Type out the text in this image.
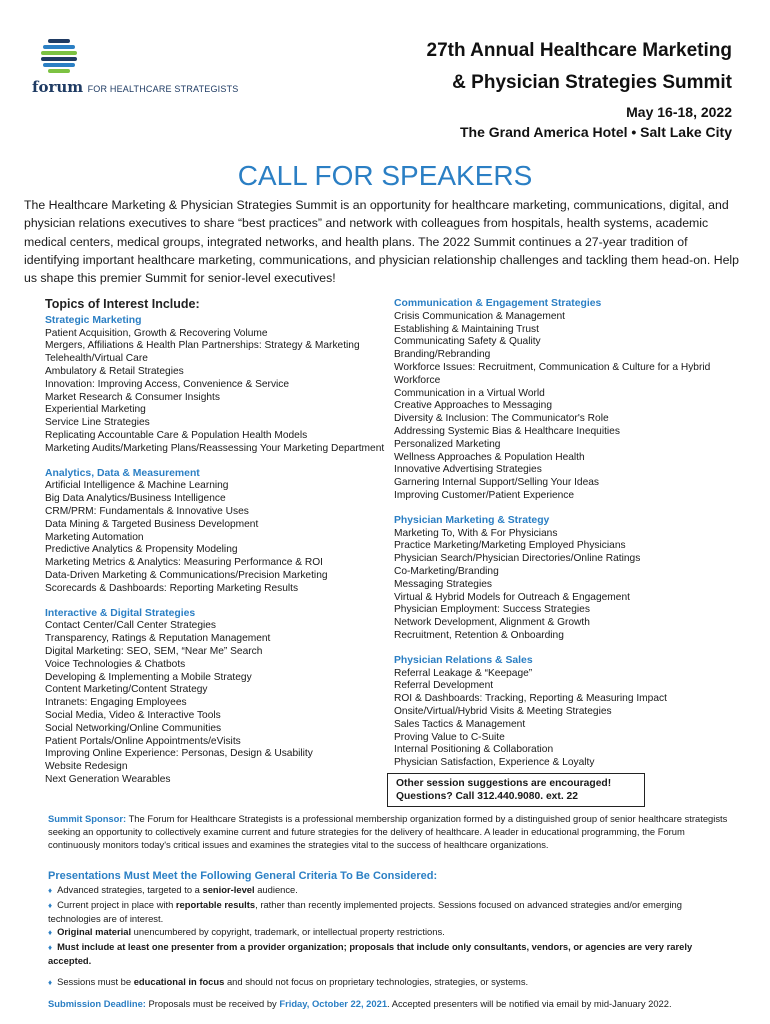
forum FOR HEALTHCARE STRATEGISTS
27th Annual Healthcare Marketing
& Physician Strategies Summit
May 16-18, 2022
The Grand America Hotel • Salt Lake City
CALL FOR SPEAKERS
The Healthcare Marketing & Physician Strategies Summit is an opportunity for healthcare marketing, communications, digital, and physician relations executives to share “best practices” and network with colleagues from hospitals, health systems, academic medical centers, medical groups, integrated networks, and health plans. The 2022 Summit continues a 27-year tradition of identifying important healthcare marketing, communications, and physician relationship challenges and tackling them head-on. Help us shape this premier Summit for senior-level executives!
Topics of Interest Include:
Strategic Marketing
Patient Acquisition, Growth & Recovering Volume
Mergers, Affiliations & Health Plan Partnerships: Strategy & Marketing
Telehealth/Virtual Care
Ambulatory & Retail Strategies
Innovation: Improving Access, Convenience & Service
Market Research & Consumer Insights
Experiential Marketing
Service Line Strategies
Replicating Accountable Care & Population Health Models
Marketing Audits/Marketing Plans/Reassessing Your Marketing Department
Analytics, Data & Measurement
Artificial Intelligence & Machine Learning
Big Data Analytics/Business Intelligence
CRM/PRM: Fundamentals & Innovative Uses
Data Mining & Targeted Business Development
Marketing Automation
Predictive Analytics & Propensity Modeling
Marketing Metrics & Analytics: Measuring Performance & ROI
Data-Driven Marketing & Communications/Precision Marketing
Scorecards & Dashboards: Reporting Marketing Results
Interactive & Digital Strategies
Contact Center/Call Center Strategies
Transparency, Ratings & Reputation Management
Digital Marketing: SEO, SEM, “Near Me” Search
Voice Technologies & Chatbots
Developing & Implementing a Mobile Strategy
Content Marketing/Content Strategy
Intranets: Engaging Employees
Social Media, Video & Interactive Tools
Social Networking/Online Communities
Patient Portals/Online Appointments/eVisits
Improving Online Experience: Personas, Design & Usability
Website Redesign
Next Generation Wearables
Communication & Engagement Strategies
Crisis Communication & Management
Establishing & Maintaining Trust
Communicating Safety & Quality
Branding/Rebranding
Workforce Issues: Recruitment, Communication & Culture for a Hybrid Workforce
Communication in a Virtual World
Creative Approaches to Messaging
Diversity & Inclusion: The Communicator's Role
Addressing Systemic Bias & Healthcare Inequities
Personalized Marketing
Wellness Approaches & Population Health
Innovative Advertising Strategies
Garnering Internal Support/Selling Your Ideas
Improving Customer/Patient Experience
Physician Marketing & Strategy
Marketing To, With & For Physicians
Practice Marketing/Marketing Employed Physicians
Physician Search/Physician Directories/Online Ratings
Co-Marketing/Branding
Messaging Strategies
Virtual & Hybrid Models for Outreach & Engagement
Physician Employment: Success Strategies
Network Development, Alignment & Growth
Recruitment, Retention & Onboarding
Physician Relations & Sales
Referral Leakage & “Keepage”
Referral Development
ROI & Dashboards: Tracking, Reporting & Measuring Impact
Onsite/Virtual/Hybrid Visits & Meeting Strategies
Sales Tactics & Management
Proving Value to C-Suite
Internal Positioning & Collaboration
Physician Satisfaction, Experience & Loyalty
Other session suggestions are encouraged!
Questions? Call 312.440.9080. ext. 22
Summit Sponsor: The Forum for Healthcare Strategists is a professional membership organization formed by a distinguished group of senior healthcare strategists seeking an opportunity to collectively examine current and future strategies for the delivery of healthcare. A leader in educational programming, the Forum continuously monitors today's critical issues and examines the strategies vital to the success of healthcare organizations.
Presentations Must Meet the Following General Criteria To Be Considered:
♦ Advanced strategies, targeted to a senior-level audience.
♦ Current project in place with reportable results, rather than recently implemented projects. Sessions focused on advanced strategies and/or emerging technologies are of interest.
♦ Original material unencumbered by copyright, trademark, or intellectual property restrictions.
♦ Must include at least one presenter from a provider organization; proposals that include only consultants, vendors, or agencies are very rarely accepted.
♦ Sessions must be educational in focus and should not focus on proprietary technologies, strategies, or systems.
Submission Deadline: Proposals must be received by Friday, October 22, 2021. Accepted presenters will be notified via email by mid-January 2022.
